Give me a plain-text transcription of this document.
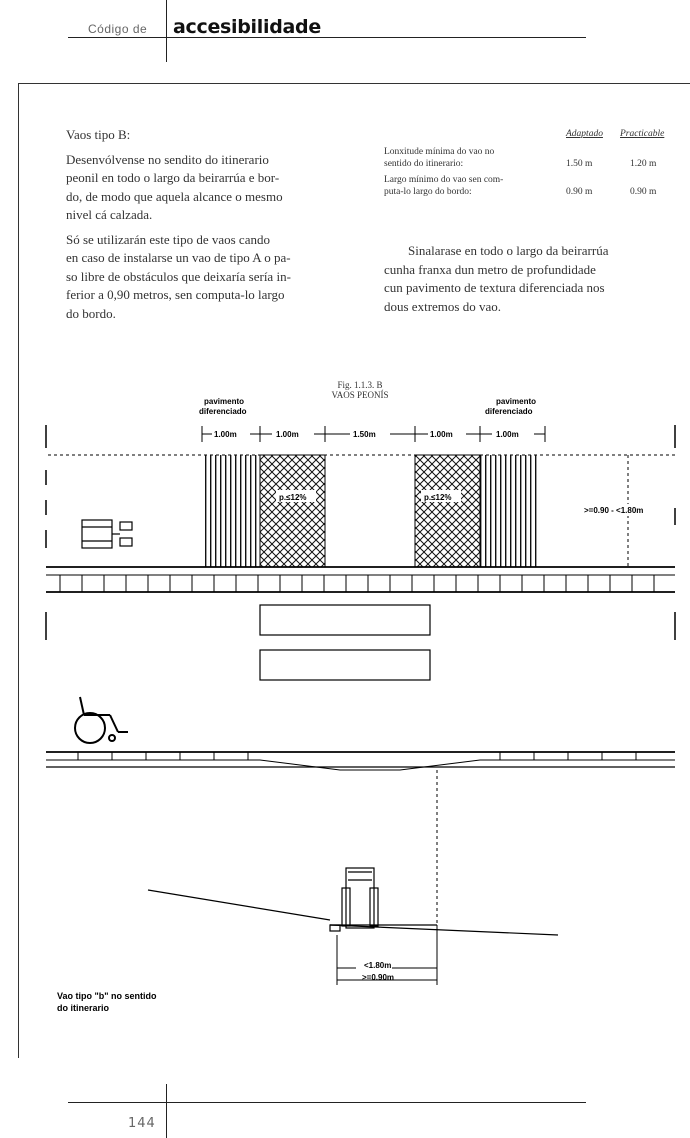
Código de accesibilidade
Vaos tipo B:
Desenvólvense no sendito do itinerario
peonil en todo o largo da beirarrúa e bor-
do, de modo que aquela alcance o mesmo
nivel cá calzada.
Só se utilizarán este tipo de vaos cando
en caso de instalarse un vao de tipo A o pa-
so libre de obstáculos que deixaría sería in-
ferior a 0,90 metros, sen computa-lo largo
do bordo.
Adaptado Practicable
Lonxitude mínima do vao no
sentido do itinerario:	1.50 m	1.20 m
Largo mínimo do vao sen com-
puta-lo largo do bordo:	0.90 m	0.90 m
Sinalarase en todo o largo da beirarrúa
cunha franxa dun metro de profundidade
cun pavimento de textura diferenciada nos
dous extremos do vao.
Fig. 1.1.3. B
VAOS PEONÍS
pavimento
diferenciado
pavimento
diferenciado
1.00m	1.00m	1.50m	1.00m	1.00m
p.≤12%	p.≤12%
>=0.90 - <1.80m
<1.80m
>=0.90m
Vao tipo "b" no sentido
do itinerario
144
